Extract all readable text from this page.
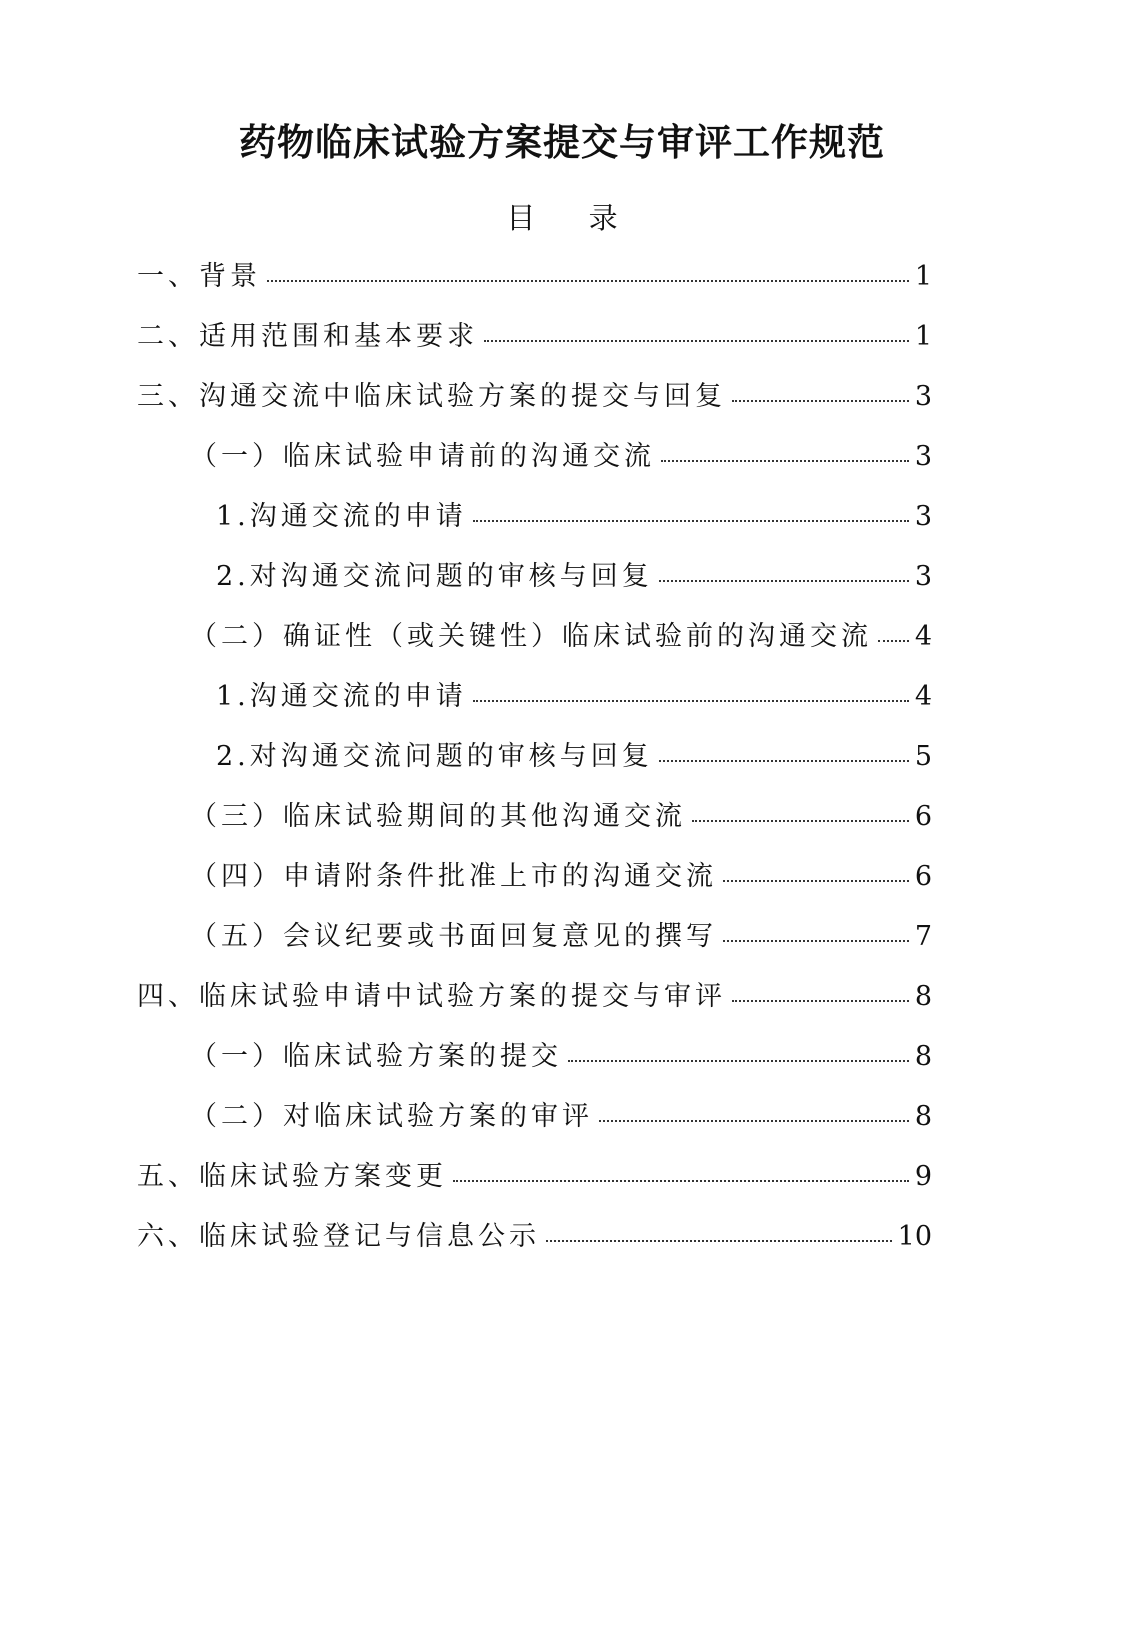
药物临床试验方案提交与审评工作规范
目 录
一、背景	1
二、适用范围和基本要求	1
三、沟通交流中临床试验方案的提交与回复	3
（一）临床试验申请前的沟通交流	3
1.沟通交流的申请	3
2.对沟通交流问题的审核与回复	3
（二）确证性（或关键性）临床试验前的沟通交流 4
1.沟通交流的申请	4
2.对沟通交流问题的审核与回复	5
（三）临床试验期间的其他沟通交流	6
（四）申请附条件批准上市的沟通交流	6
（五）会议纪要或书面回复意见的撰写	7
四、临床试验申请中试验方案的提交与审评	8
（一）临床试验方案的提交	8
（二）对临床试验方案的审评	8
五、临床试验方案变更	9
六、临床试验登记与信息公示	10
